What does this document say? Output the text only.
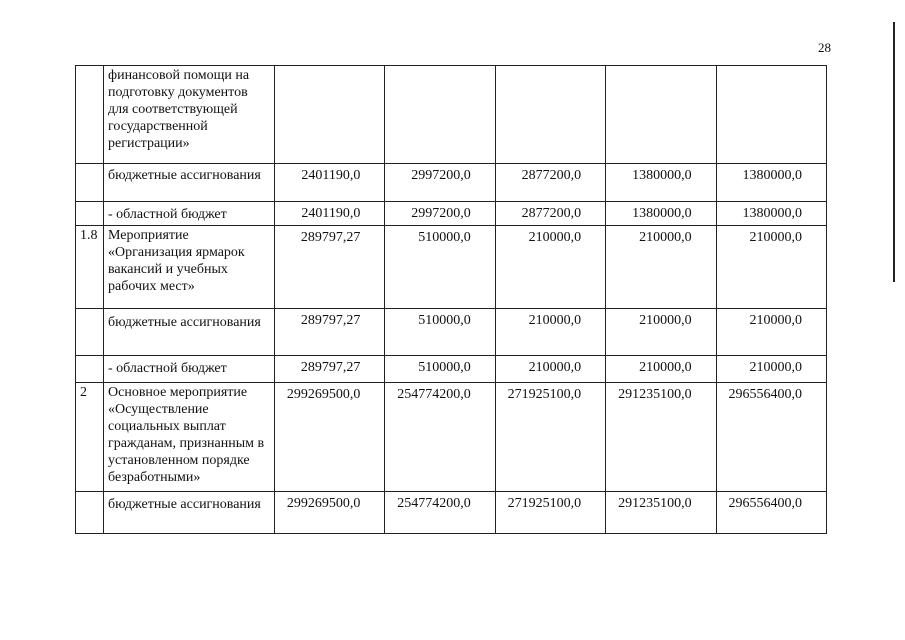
28
	финансовой помощи на подготовку документов для соответствующей государственной регистрации»					
	бюджетные ассигнования	2401190,0	2997200,0	2877200,0	1380000,0	1380000,0
	- областной бюджет	2401190,0	2997200,0	2877200,0	1380000,0	1380000,0
1.8	Мероприятие «Организация ярмарок вакансий и учебных рабочих мест»	289797,27	510000,0	210000,0	210000,0	210000,0
	бюджетные ассигнования	289797,27	510000,0	210000,0	210000,0	210000,0
	- областной бюджет	289797,27	510000,0	210000,0	210000,0	210000,0
2	Основное мероприятие «Осуществление социальных выплат гражданам, признанным в установленном порядке безработными»	299269500,0	254774200,0	271925100,0	291235100,0	296556400,0
	бюджетные ассигнования	299269500,0	254774200,0	271925100,0	291235100,0	296556400,0
